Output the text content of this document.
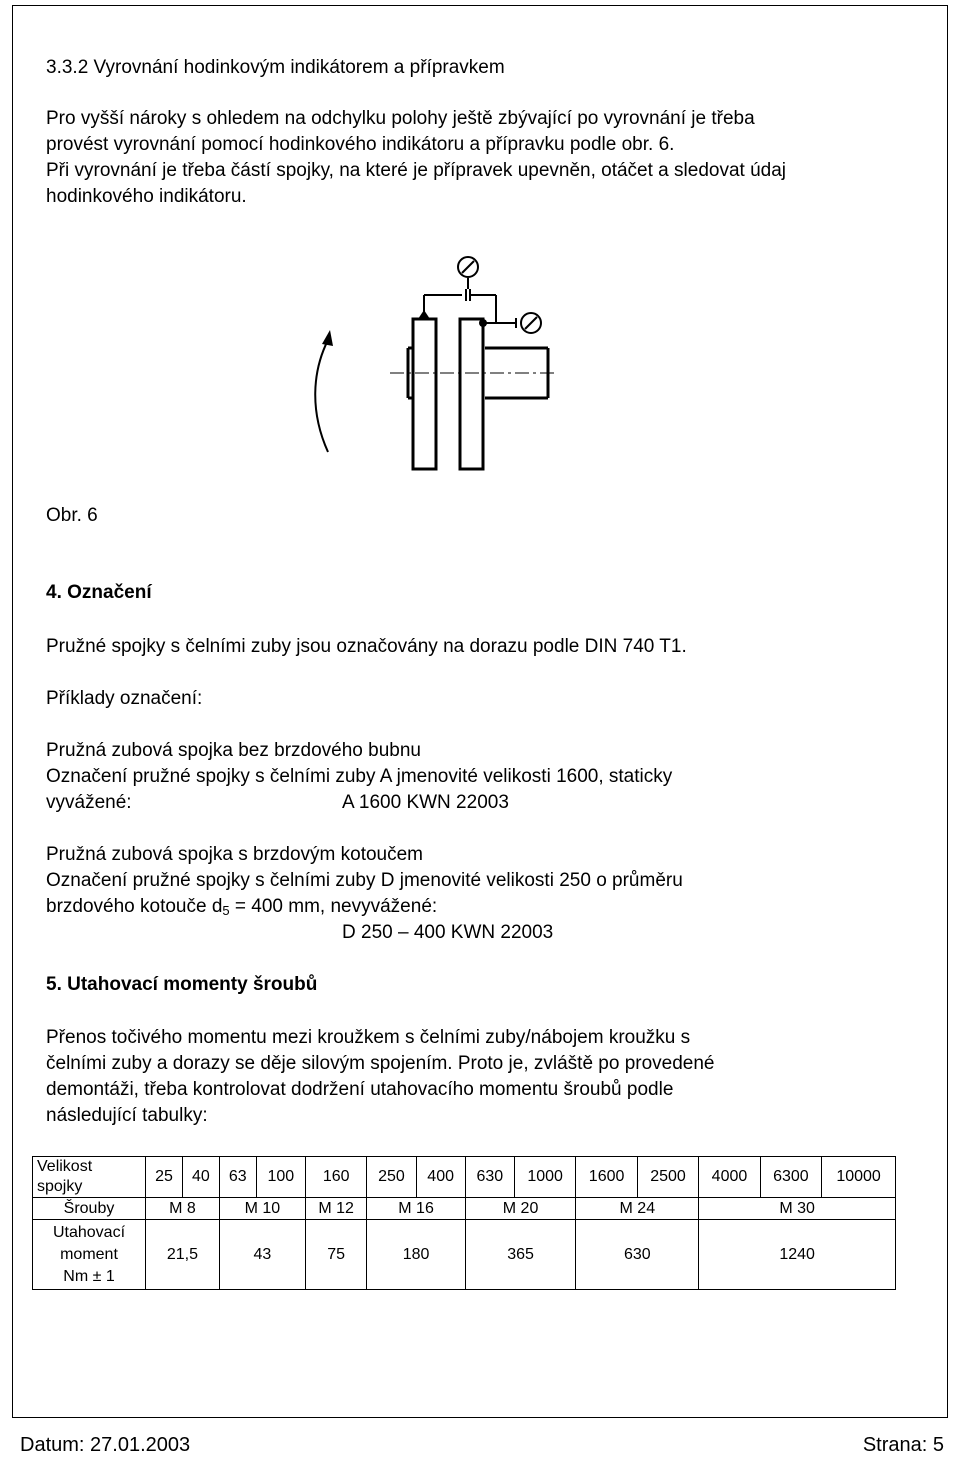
3.3.2 Vyrovnání hodinkovým indikátorem a přípravkem
Pro vyšší nároky s ohledem na odchylku polohy ještě zbývající po vyrovnání je třeba
provést vyrovnání pomocí hodinkového indikátoru a přípravku podle obr. 6.
Při vyrovnání je třeba částí spojky, na které je přípravek upevněn, otáčet a sledovat údaj
hodinkového indikátoru.
Obr. 6
4. Označení
Pružné spojky s čelními zuby jsou označovány na dorazu podle DIN 740 T1.
Příklady označení:
Pružná zubová spojka bez brzdového bubnu
Označení pružné spojky s čelními zuby A jmenovité velikosti 1600, staticky
vyvážené:	A 1600 KWN 22003
Pružná zubová spojka s brzdovým kotoučem
Označení pružné spojky s čelními zuby D jmenovité velikosti 250 o průměru
brzdového kotouče $d_5 = 400$ mm, nevyvážené:
D 250 – 400 KWN 22003
5. Utahovací momenty šroubů
Přenos točivého momentu mezi kroužkem s čelními zuby/nábojem kroužku s
čelními zuby a dorazy se děje silovým spojením. Proto je, zvláště po provedené
demontáži, třeba kontrolovat dodržení utahovacího momentu šroubů podle
následující tabulky:
Velikost
spojky	25	40	63	100	160	250	400	630	1000	1600	2500	4000	6300	10000
Šrouby	M 8		M 10		M 12	M 16		M 20		M 24		M 30		
Utahovací
moment
Nm ± 1	21,5		43		75	180		365		630		1240		
Datum: 27.01.2003	Strana: 5
